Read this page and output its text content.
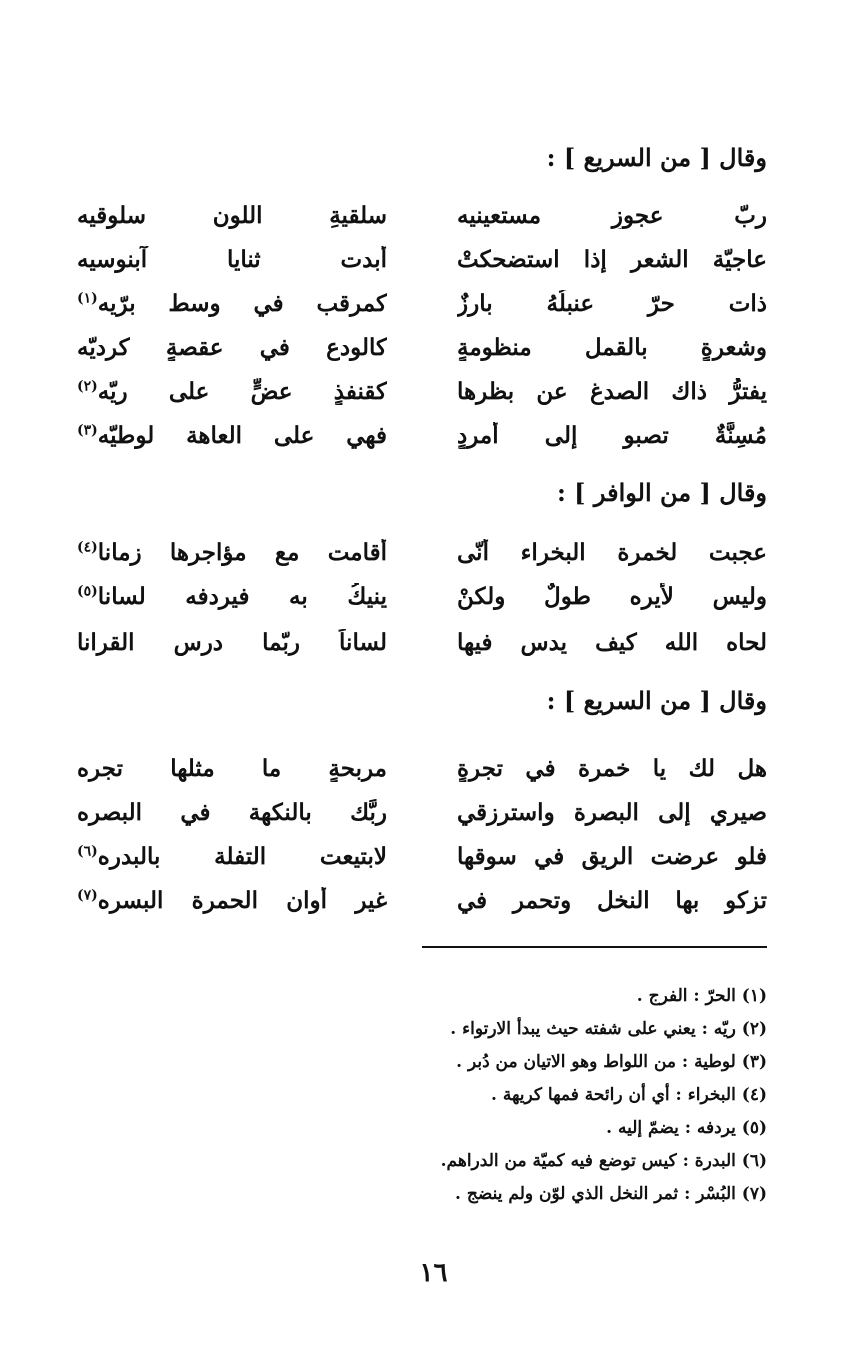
وقال [ من السريع ] :
ربّ عجوزٍ مستعينيه
سلقيةِ اللون سلوقيه
عاجيّة الشعر إذا استضحكتْ
أبدت ثنايا آبنوسيه
ذات حرّ عنبلُهُ بارزٌ
كمرقب في وسط برّيه$^{(١)}$
وشعرةٍ بالقمل منظومةٍ
كالودع في عقصةٍ كرديّه
يفترُّ ذاك الصدغ عن بظرها
كقنفذٍ عضٍّ على ريّه$^{(٢)}$
مُسِنَّةٌ تصبو إلى أمردٍ
فهي على العاهة لوطيّه$^{(٣)}$
وقال [ من الوافر ] :
عجبت لخمرة البخراء أنّى
أقامت مع مؤاجرها زمانا$^{(٤)}$
وليس لأيره طولٌ ولكنْ
ينيكُ به فيردفه لسانا$^{(٥)}$
لحاه الله كيف يدس فيها
لساناً ربّما درس القرانا
وقال [ من السريع ] :
هل لك يا خمرة في تجرةٍ
مربحةٍ ما مثلها تجره
صيري إلى البصرة واسترزقي
ربَّك بالنكهة في البصره
فلو عرضت الريق في سوقها
لابتيعت التفلة بالبدره$^{(٦)}$
تزكو بها النخل وتحمر في
غير أوان الحمرة البسره$^{(٧)}$
(١) الحرّ : الفرج .
(٢) ريّه : يعني على شفته حيث يبدأ الارتواء .
(٣) لوطية : من اللواط وهو الاتيان من دُبر .
(٤) البخراء : أي أن رائحة فمها كريهة .
(٥) يردفه : يضمّ إليه .
(٦) البدرة : كيس توضع فيه كميّة من الدراهم.
(٧) البُسْر : ثمر النخل الذي لوّن ولم ينضج .
١٦
